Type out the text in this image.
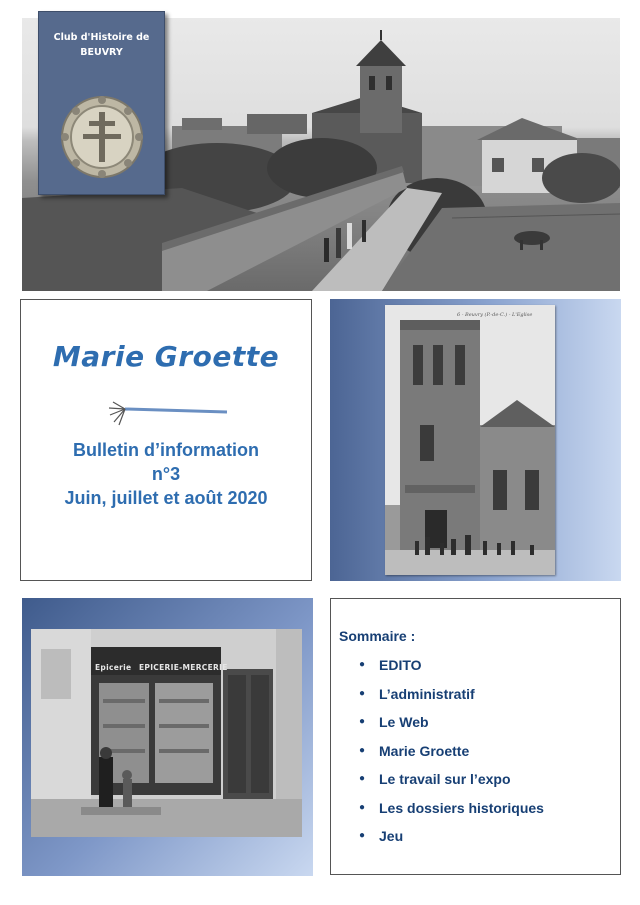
Club d'Histoire de
BEUVRY
Marie Groette
Bulletin d’information
n°3
Juin, juillet et août 2020
6 - Beuvry (P.-de-C.) - L'Eglise
Epicerie EPICERIE-MERCERIE
Sommaire :
● EDITO
● L’administratif
● Le Web
● Marie Groette
● Le travail sur l’expo
● Les dossiers historiques
● Jeu
